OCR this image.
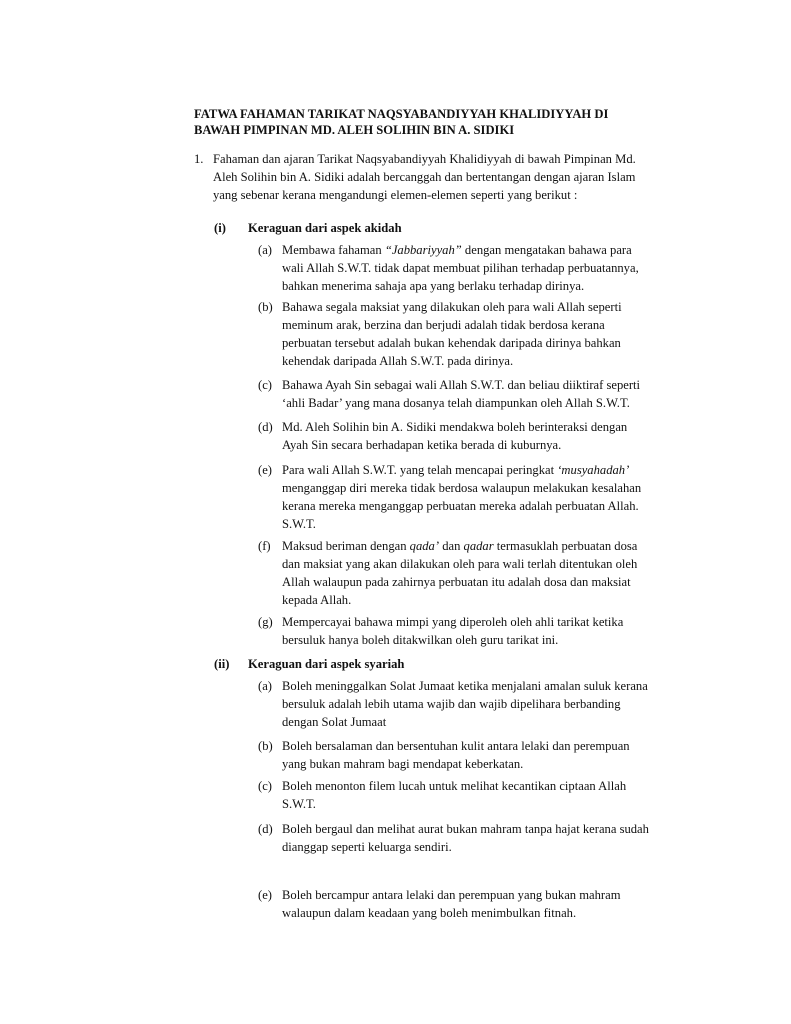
FATWA FAHAMAN TARIKAT NAQSYABANDIYYAH KHALIDIYYAH DI
BAWAH PIMPINAN MD. ALEH SOLIHIN BIN A. SIDIKI
1. Fahaman dan ajaran Tarikat Naqsyabandiyyah Khalidiyyah di bawah Pimpinan Md.
Aleh Solihin bin A. Sidiki adalah bercanggah dan bertentangan dengan ajaran Islam
yang sebenar kerana mengandungi elemen-elemen seperti yang berikut :
(i) Keraguan dari aspek akidah
(a) Membawa fahaman “Jabbariyyah” dengan mengatakan bahawa para
wali Allah S.W.T. tidak dapat membuat pilihan terhadap perbuatannya,
bahkan menerima sahaja apa yang berlaku terhadap dirinya.
(b) Bahawa segala maksiat yang dilakukan oleh para wali Allah seperti
meminum arak, berzina dan berjudi adalah tidak berdosa kerana
perbuatan tersebut adalah bukan kehendak daripada dirinya bahkan
kehendak daripada Allah S.W.T. pada dirinya.
(c) Bahawa Ayah Sin sebagai wali Allah S.W.T. dan beliau diiktiraf seperti
‘ahli Badar’ yang mana dosanya telah diampunkan oleh Allah S.W.T.
(d) Md. Aleh Solihin bin A. Sidiki mendakwa boleh berinteraksi dengan
Ayah Sin secara berhadapan ketika berada di kuburnya.
(e) Para wali Allah S.W.T. yang telah mencapai peringkat ‘musyahadah’
menganggap diri mereka tidak berdosa walaupun melakukan kesalahan
kerana mereka menganggap perbuatan mereka adalah perbuatan Allah.
S.W.T.
(f) Maksud beriman dengan qada’ dan qadar termasuklah perbuatan dosa
dan maksiat yang akan dilakukan oleh para wali terlah ditentukan oleh
Allah walaupun pada zahirnya perbuatan itu adalah dosa dan maksiat
kepada Allah.
(g) Mempercayai bahawa mimpi yang diperoleh oleh ahli tarikat ketika
bersuluk hanya boleh ditakwilkan oleh guru tarikat ini.
(ii) Keraguan dari aspek syariah
(a) Boleh meninggalkan Solat Jumaat ketika menjalani amalan suluk kerana
bersuluk adalah lebih utama wajib dan wajib dipelihara berbanding
dengan Solat Jumaat
(b) Boleh bersalaman dan bersentuhan kulit antara lelaki dan perempuan
yang bukan mahram bagi mendapat keberkatan.
(c) Boleh menonton filem lucah untuk melihat kecantikan ciptaan Allah
S.W.T.
(d) Boleh bergaul dan melihat aurat bukan mahram tanpa hajat kerana sudah
dianggap seperti keluarga sendiri.
(e) Boleh bercampur antara lelaki dan perempuan yang bukan mahram
walaupun dalam keadaan yang boleh menimbulkan fitnah.
